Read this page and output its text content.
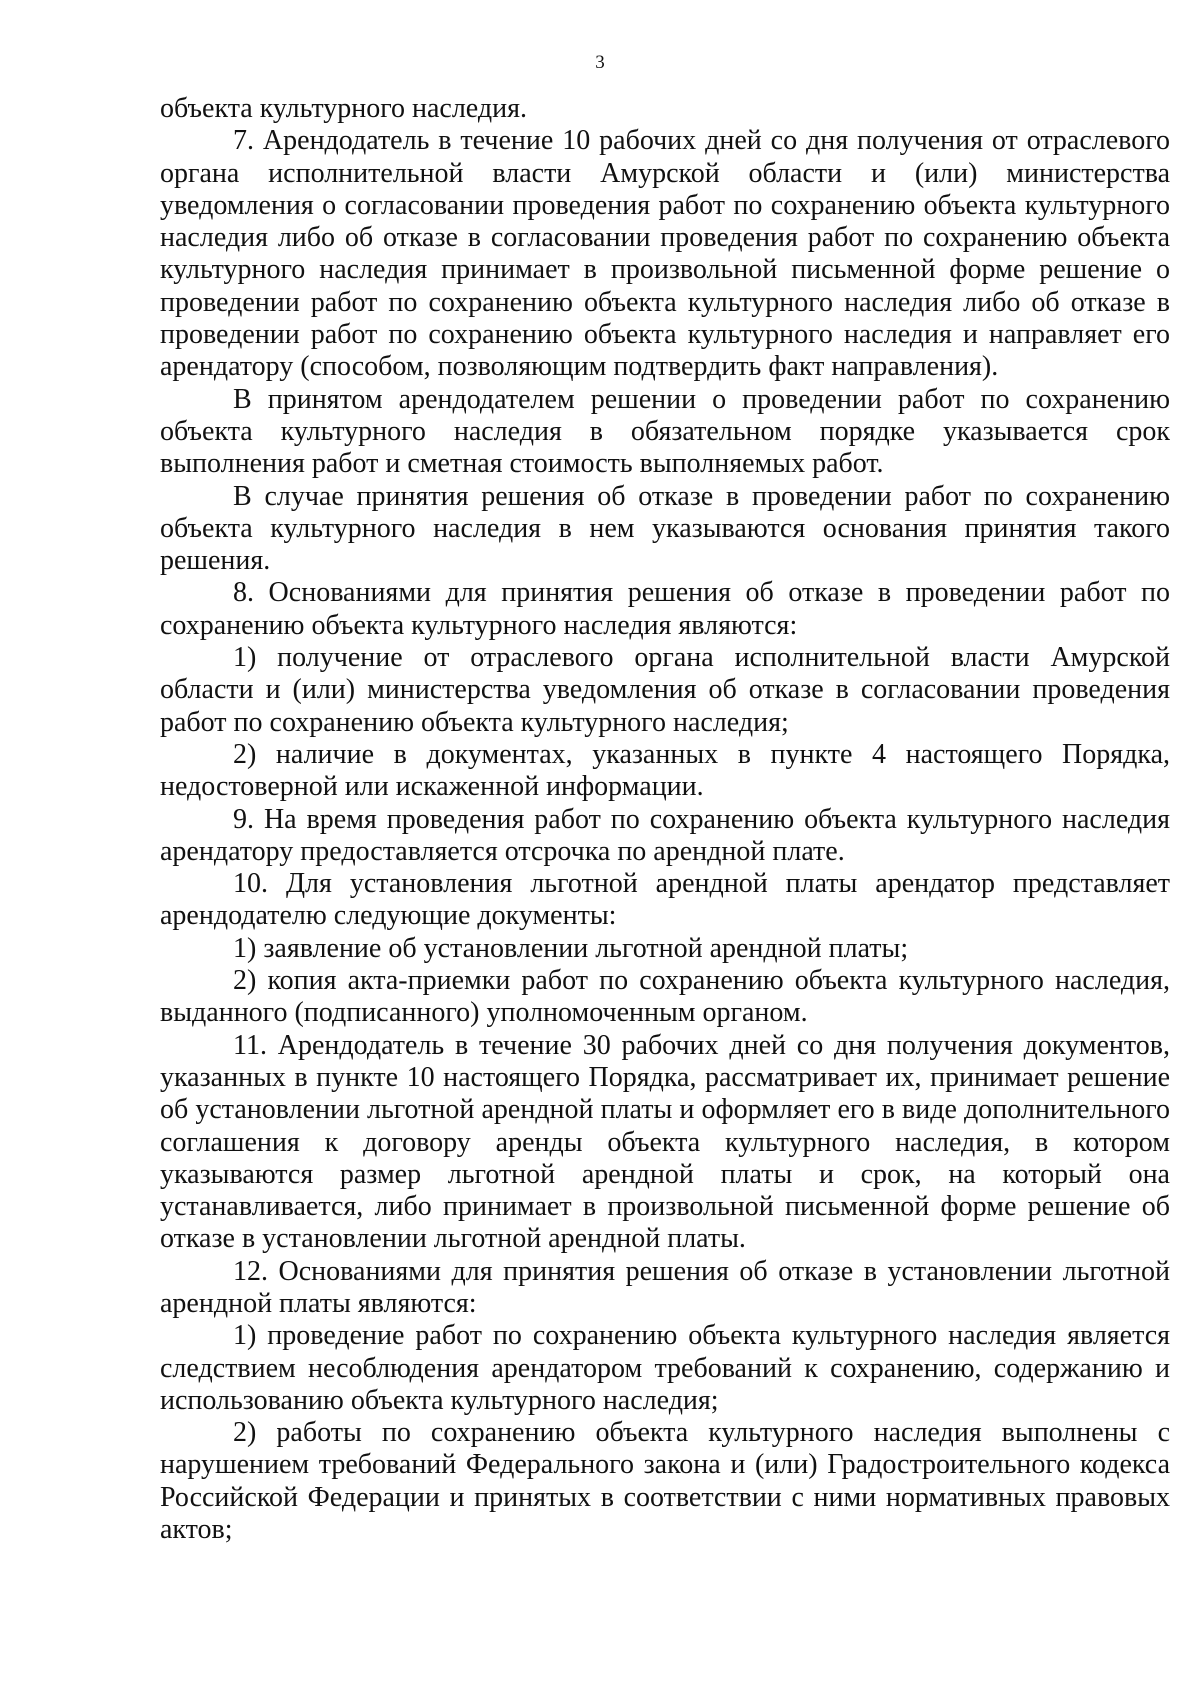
3

объекта культурного наследия.

7. Арендодатель в течение 10 рабочих дней со дня получения от отраслевого органа исполнительной власти Амурской области и (или) министерства уведомления о согласовании проведения работ по сохранению объекта культурного наследия либо об отказе в согласовании проведения работ по сохранению объекта культурного наследия принимает в произвольной письменной форме решение о проведении работ по сохранению объекта культурного наследия либо об отказе в проведении работ по сохранению объекта культурного наследия и направляет его арендатору (способом, позволяющим подтвердить факт направления).

В принятом арендодателем решении о проведении работ по сохранению объекта культурного наследия в обязательном порядке указывается срок выполнения работ и сметная стоимость выполняемых работ.

В случае принятия решения об отказе в проведении работ по сохранению объекта культурного наследия в нем указываются основания принятия такого решения.

8. Основаниями для принятия решения об отказе в проведении работ по сохранению объекта культурного наследия являются:

1) получение от отраслевого органа исполнительной власти Амурской области и (или) министерства уведомления об отказе в согласовании проведения работ по сохранению объекта культурного наследия;

2) наличие в документах, указанных в пункте 4 настоящего Порядка, недостоверной или искаженной информации.

9. На время проведения работ по сохранению объекта культурного наследия арендатору предоставляется отсрочка по арендной плате.

10. Для установления льготной арендной платы арендатор представляет арендодателю следующие документы:

1) заявление об установлении льготной арендной платы;

2) копия акта-приемки работ по сохранению объекта культурного наследия, выданного (подписанного) уполномоченным органом.

11. Арендодатель в течение 30 рабочих дней со дня получения документов, указанных в пункте 10 настоящего Порядка, рассматривает их, принимает решение об установлении льготной арендной платы и оформляет его в виде дополнительного соглашения к договору аренды объекта культурного наследия, в котором указываются размер льготной арендной платы и срок, на который она устанавливается, либо принимает в произвольной письменной форме решение об отказе в установлении льготной арендной платы.

12. Основаниями для принятия решения об отказе в установлении льготной арендной платы являются:

1) проведение работ по сохранению объекта культурного наследия является следствием несоблюдения арендатором требований к сохранению, содержанию и использованию объекта культурного наследия;

2) работы по сохранению объекта культурного наследия выполнены с нарушением требований Федерального закона и (или) Градостроительного кодекса Российской Федерации и принятых в соответствии с ними нормативных правовых актов;
